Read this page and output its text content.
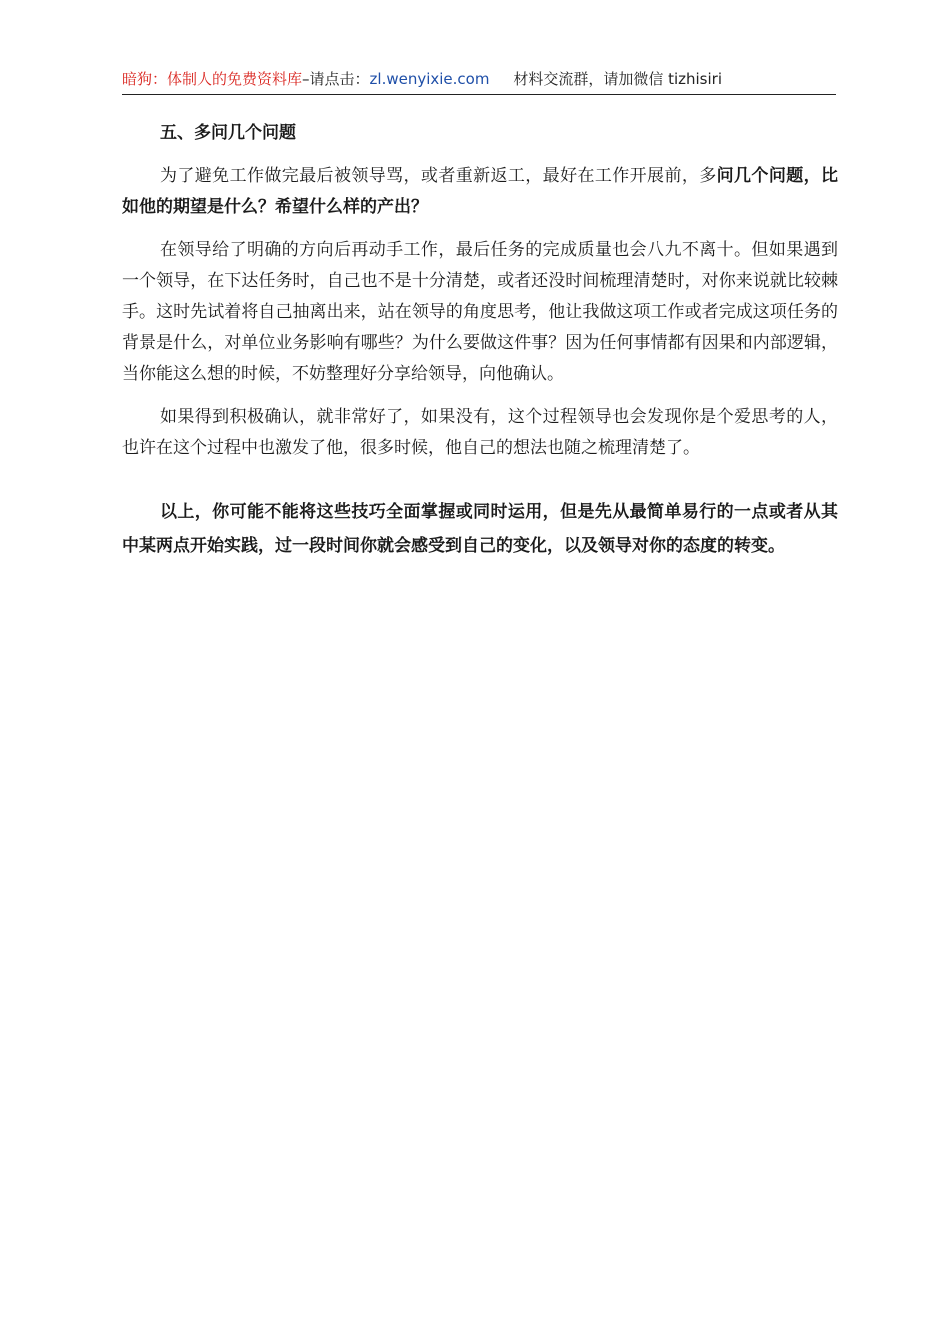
暗狗：体制人的免费资料库–请点击：zl.wenyixie.com 材料交流群，请加微信 tizhisiri
五、多问几个问题

为了避免工作做完最后被领导骂，或者重新返工，最好在工作开展前，多问几个问题，比如他的期望是什么？希望什么样的产出？

在领导给了明确的方向后再动手工作，最后任务的完成质量也会八九不离十。但如果遇到一个领导，在下达任务时，自己也不是十分清楚，或者还没时间梳理清楚时，对你来说就比较棘手。这时先试着将自己抽离出来，站在领导的角度思考，他让我做这项工作或者完成这项任务的背景是什么，对单位业务影响有哪些？为什么要做这件事？因为任何事情都有因果和内部逻辑，当你能这么想的时候，不妨整理好分享给领导，向他确认。

如果得到积极确认，就非常好了，如果没有，这个过程领导也会发现你是个爱思考的人，也许在这个过程中也激发了他，很多时候，他自己的想法也随之梳理清楚了。

以上，你可能不能将这些技巧全面掌握或同时运用，但是先从最简单易行的一点或者从其中某两点开始实践，过一段时间你就会感受到自己的变化，以及领导对你的态度的转变。
